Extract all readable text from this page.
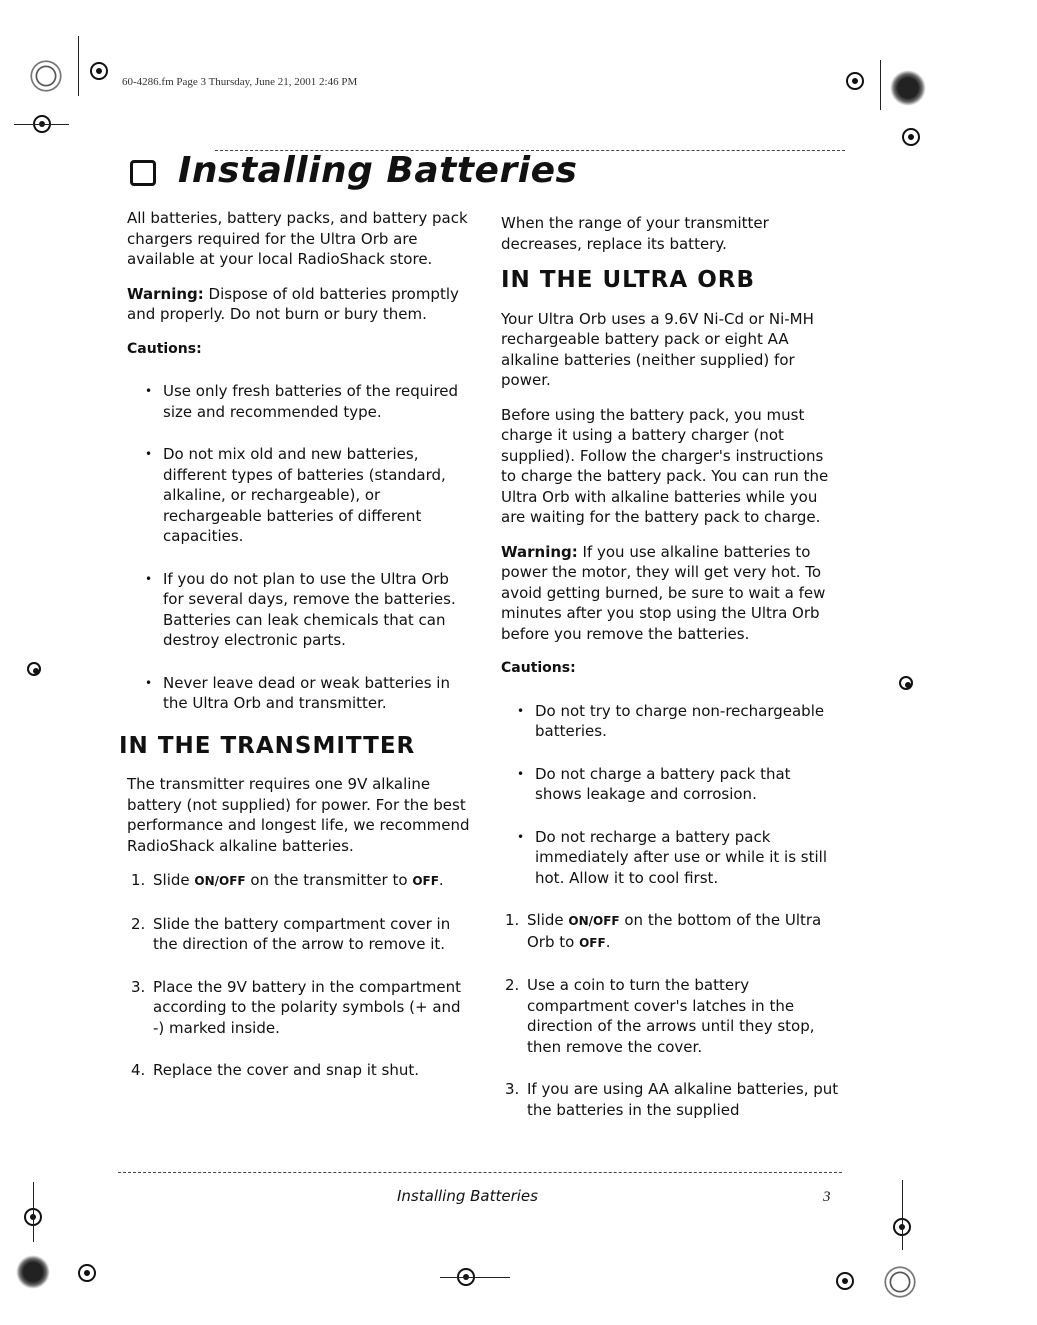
60-4286.fm Page 3 Thursday, June 21, 2001 2:46 PM
Installing Batteries

All batteries, battery packs, and battery pack chargers required for the Ultra Orb are available at your local RadioShack store.

Warning: Dispose of old batteries promptly and properly. Do not burn or bury them.

Cautions:

• Use only fresh batteries of the required size and recommended type.
• Do not mix old and new batteries, different types of batteries (standard, alkaline, or rechargeable), or rechargeable batteries of different capacities.
• If you do not plan to use the Ultra Orb for several days, remove the batteries. Batteries can leak chemicals that can destroy electronic parts.
• Never leave dead or weak batteries in the Ultra Orb and transmitter.
IN THE TRANSMITTER

The transmitter requires one 9V alkaline battery (not supplied) for power. For the best performance and longest life, we recommend RadioShack alkaline batteries.

1. Slide ON/OFF on the transmitter to OFF.
2. Slide the battery compartment cover in the direction of the arrow to remove it.
3. Place the 9V battery in the compartment according to the polarity symbols (+ and -) marked inside.
4. Replace the cover and snap it shut.

When the range of your transmitter decreases, replace its battery.

IN THE ULTRA ORB

Your Ultra Orb uses a 9.6V Ni-Cd or Ni-MH rechargeable battery pack or eight AA alkaline batteries (neither supplied) for power.

Before using the battery pack, you must charge it using a battery charger (not supplied). Follow the charger's instructions to charge the battery pack. You can run the Ultra Orb with alkaline batteries while you are waiting for the battery pack to charge.

Warning: If you use alkaline batteries to power the motor, they will get very hot. To avoid getting burned, be sure to wait a few minutes after you stop using the Ultra Orb before you remove the batteries.

Cautions:

• Do not try to charge non-rechargeable batteries.
• Do not charge a battery pack that shows leakage and corrosion.
• Do not recharge a battery pack immediately after use or while it is still hot. Allow it to cool first.
1. Slide ON/OFF on the bottom of the Ultra Orb to OFF.
2. Use a coin to turn the battery compartment cover's latches in the direction of the arrows until they stop, then remove the cover.
3. If you are using AA alkaline batteries, put the batteries in the supplied
Installing Batteries	3
